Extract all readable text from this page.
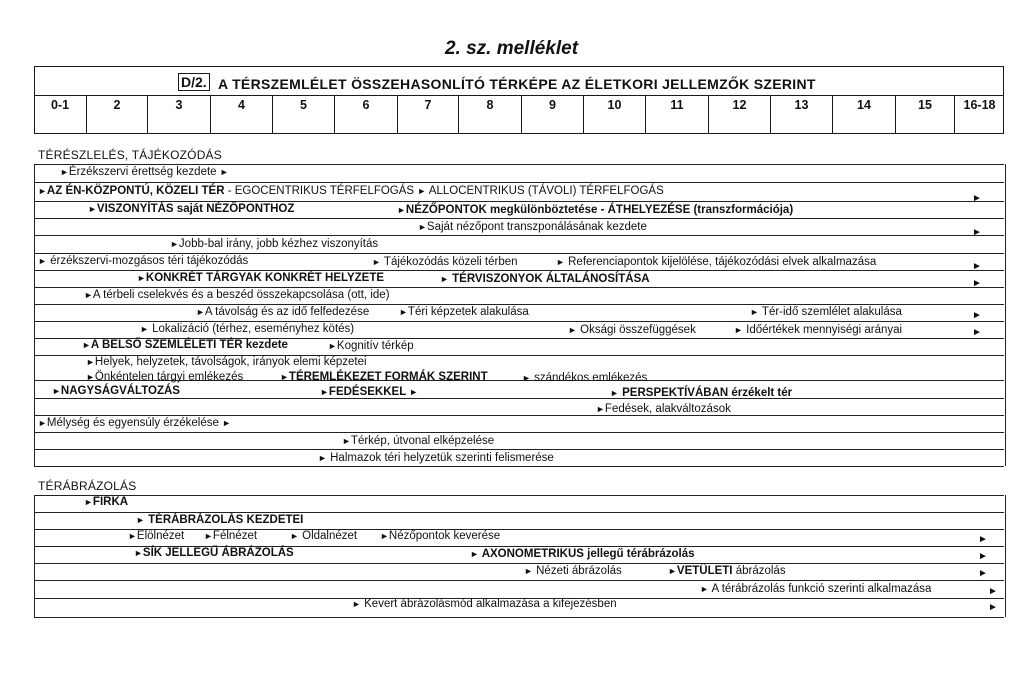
2. sz. melléklet
D/2. A TÉRSZEMLÉLET ÖSSZEHASONLÍTÓ TÉRKÉPE AZ ÉLETKORI JELLEMZŐK SZERINT
0-1	2	3	4	5	6	7	8	9	10	11	12	13	14	15	16-18
TÉRÉSZLELÉS, TÁJÉKOZÓDÁS
TÉRÁBRÁZOLÁS
►Érzékszervi érettség kezdete ►
►AZ ÉN-KÖZPONTÚ, KÖZELI TÉR - EGOCENTRIKUS TÉRFELFOGÁS ► ALLOCENTRIKUS (TÁVOLI) TÉRFELFOGÁS
►VISZONYÍTÁS saját NÉZŐPONTHOZ	►NÉZŐPONTOK megkülönböztetése - ÁTHELYEZÉSE (transzformációja)
►Saját nézőpont transzponálásának kezdete
►Jobb-bal irány, jobb kézhez viszonyítás
► érzékszervi-mozgásos téri tájékozódás	► Tájékozódás közeli térben	► Referenciapontok kijelölése, tájékozódási elvek alkalmazása
►KONKRÉT TÁRGYAK KONKRÉT HELYZETE	► TÉRVISZONYOK ÁLTALÁNOSÍTÁSA
►A térbeli cselekvés és a beszéd összekapcsolása (ott, ide)
►A távolság és az idő felfedezése	►Téri képzetek alakulása	► Tér-idő szemlélet alakulása
► Lokalizáció (térhez, eseményhez kötés)	► Oksági összefüggések	► Időértékek mennyiségi arányai
►A BELSŐ SZEMLÉLETI TÉR kezdete	►Kognitív térkép
►Helyek, helyzetek, távolságok, irányok elemi képzetei
►Önkéntelen tárgyi emlékezés	►TÉREMLÉKEZET FORMÁK SZERINT	► szándékos emlékezés
►NAGYSÁGVÁLTOZÁS	►FEDÉSEKKEL ►	► PERSPEKTÍVÁBAN érzékelt tér
►Fedések, alakváltozások
►Mélység és egyensúly érzékelése ►
►Térkép, útvonal elképzelése
► Halmazok téri helyzetük szerinti felismerése
►
►
►
►
►
►
►FIRKA
► TÉRÁBRÁZOLÁS KEZDETEI
►Elölnézet ►Félnézet	► Oldalnézet	►Nézőpontok keverése
►SÍK JELLEGŰ ÁBRÁZOLÁS	► AXONOMETRIKUS jellegű térábrázolás
► Nézeti ábrázolás	►VETÜLETI ábrázolás
► A térábrázolás funkció szerinti alkalmazása
► Kevert ábrázolásmód alkalmazása a kifejezésben
►
►
►
►
►
